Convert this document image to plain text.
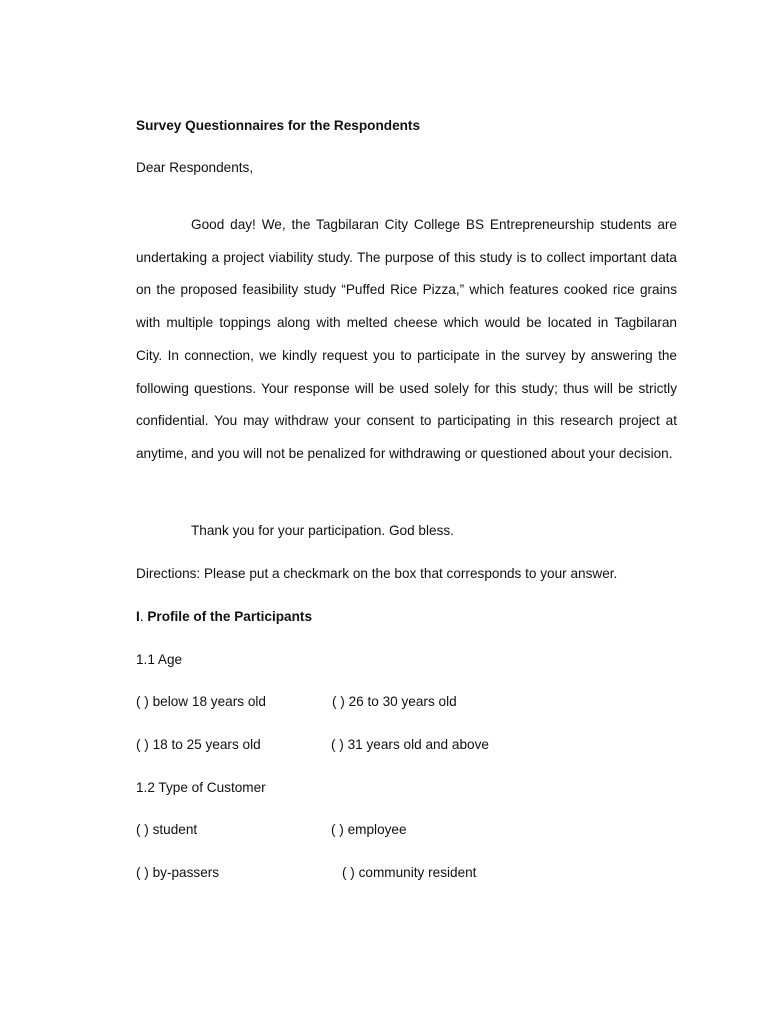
Survey Questionnaires for the Respondents
Dear Respondents,

Good day! We, the Tagbilaran City College BS Entrepreneurship students are undertaking a project viability study. The purpose of this study is to collect important data on the proposed feasibility study “Puffed Rice Pizza,” which features cooked rice grains with multiple toppings along with melted cheese which would be located in Tagbilaran City. In connection, we kindly request you to participate in the survey by answering the following questions. Your response will be used solely for this study; thus will be strictly confidential. You may withdraw your consent to participating in this research project at anytime, and you will not be penalized for withdrawing or questioned about your decision.

Thank you for your participation. God bless.
Directions: Please put a checkmark on the box that corresponds to your answer.
I. Profile of the Participants
1.1 Age
( ) below 18 years old	( ) 26 to 30 years old
( ) 18 to 25 years old	( ) 31 years old and above
1.2 Type of Customer
( ) student	( ) employee
( ) by-passers	( ) community resident
